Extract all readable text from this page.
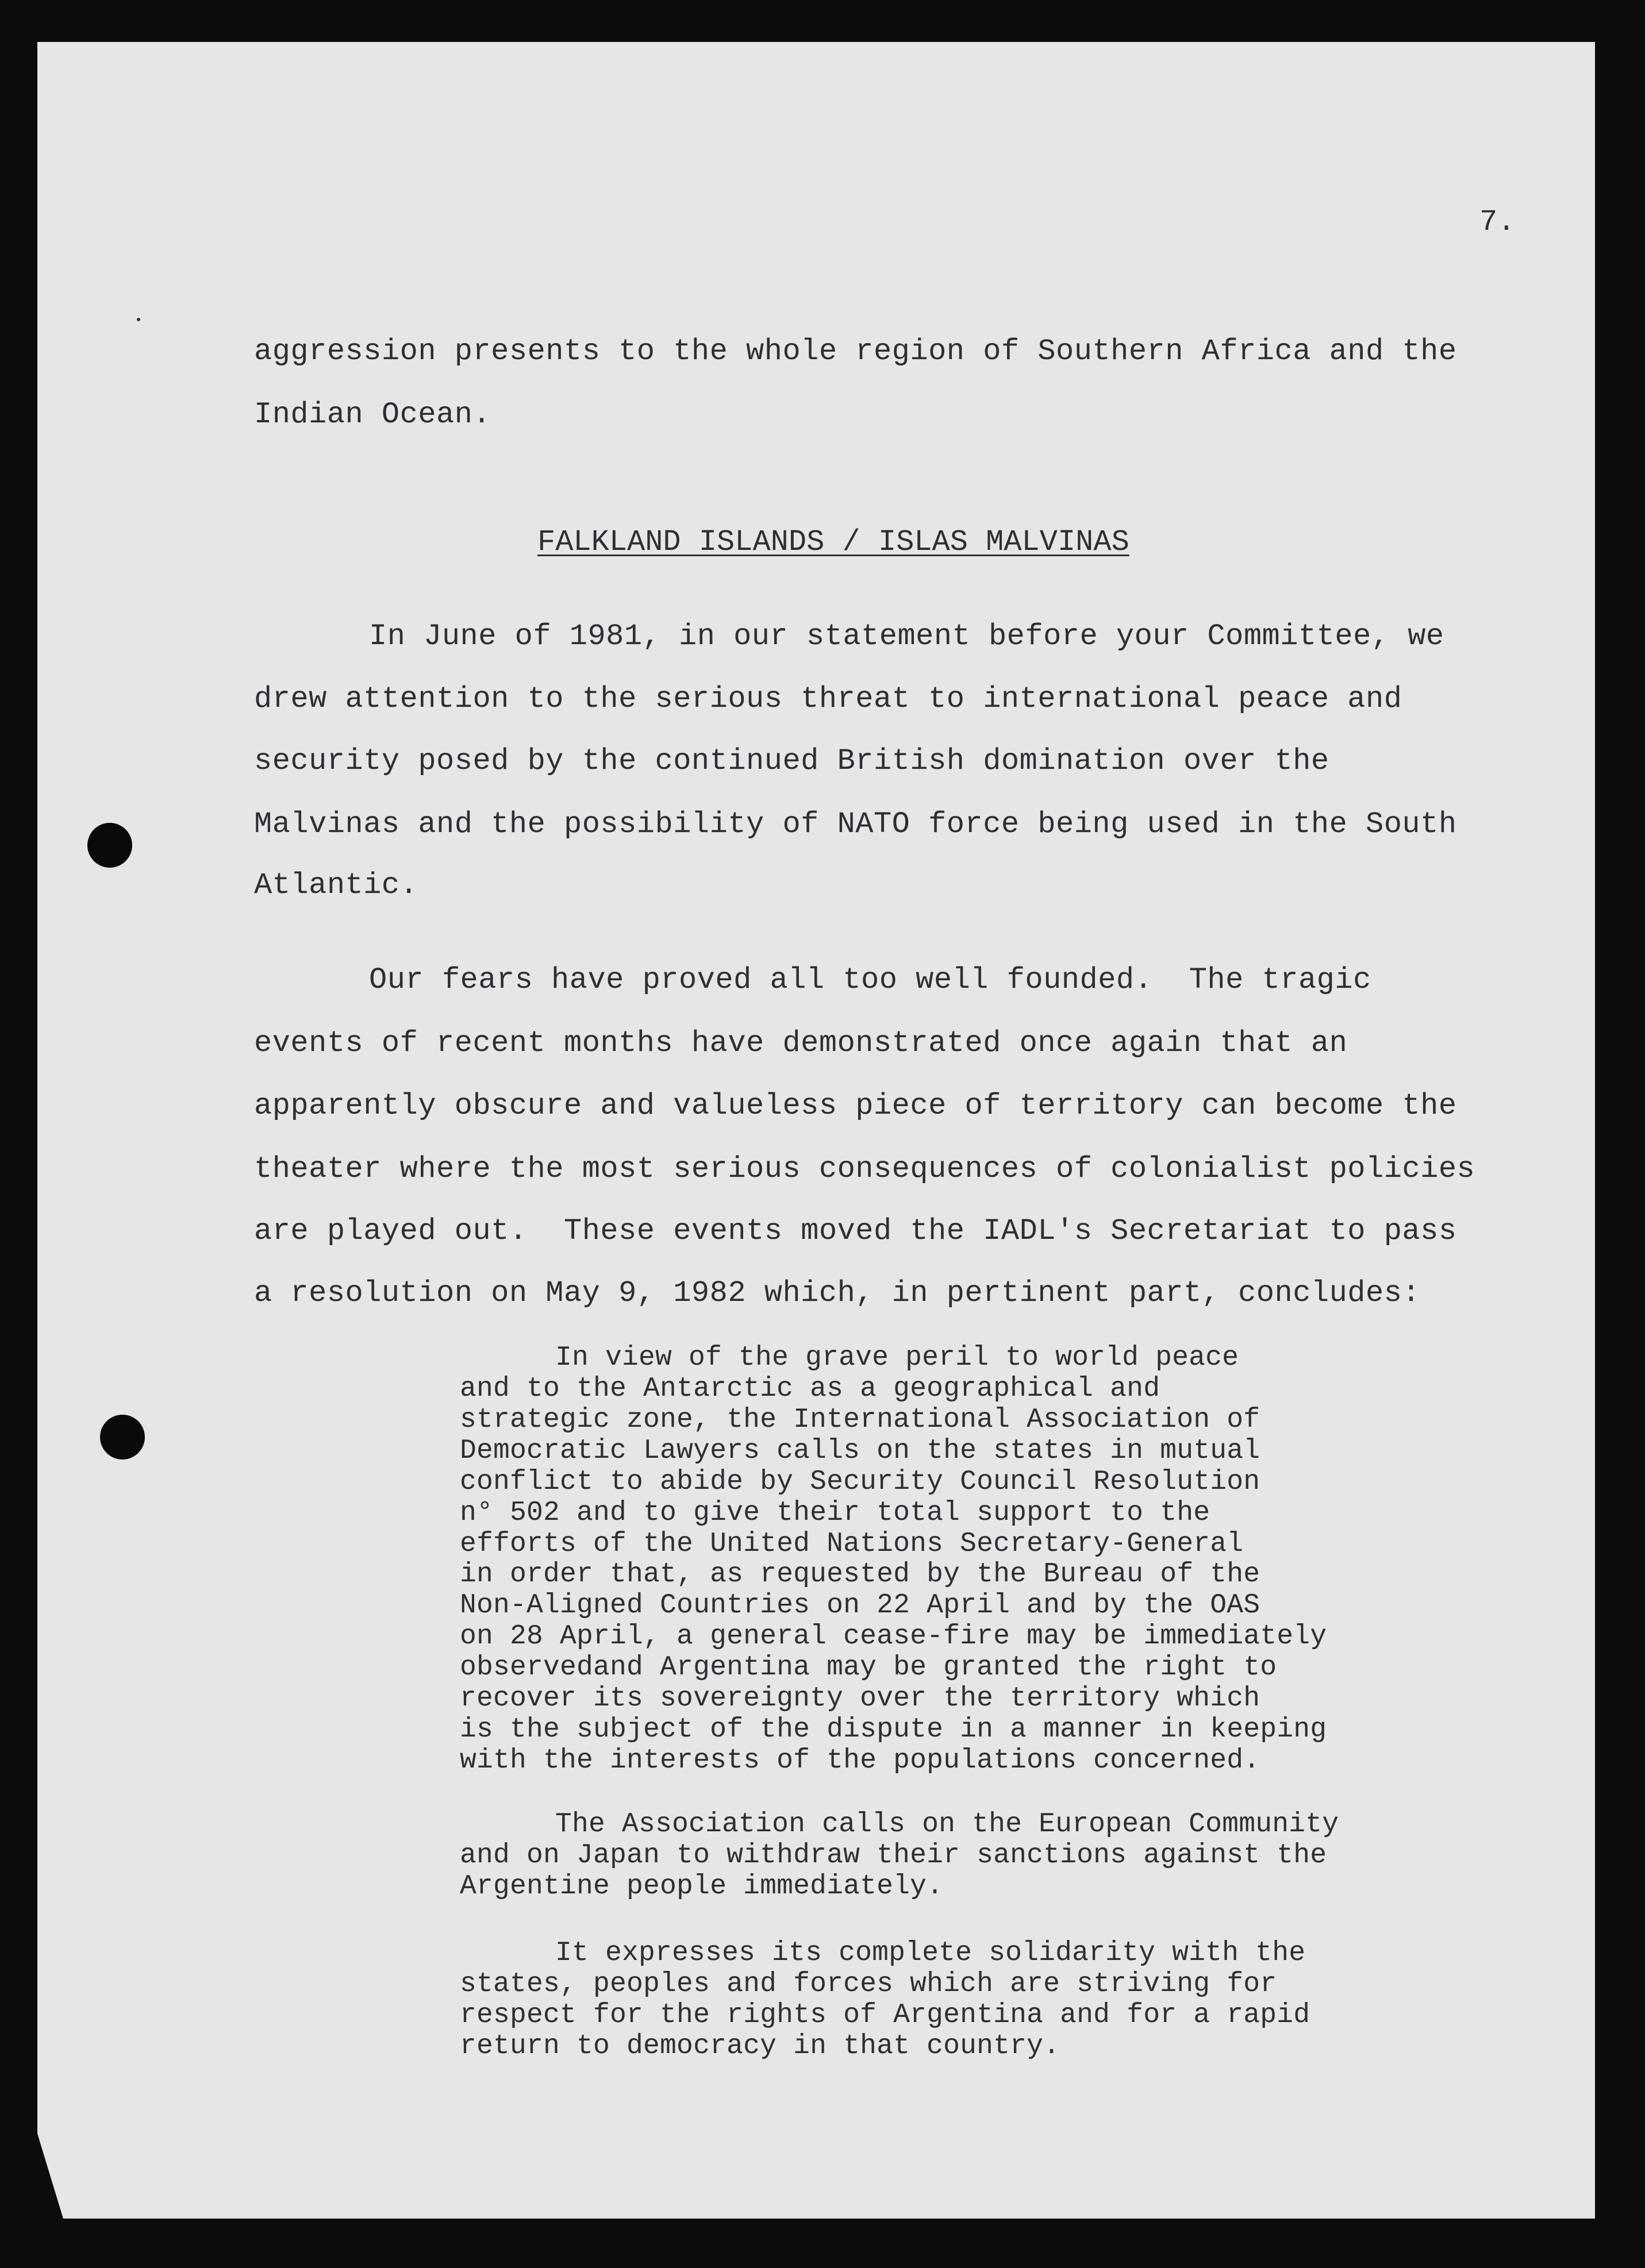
7.
aggression presents to the whole region of Southern Africa and the
Indian Ocean.
FALKLAND ISLANDS / ISLAS MALVINAS
In June of 1981, in our statement before your Committee, we
drew attention to the serious threat to international peace and
security posed by the continued British domination over the
Malvinas and the possibility of NATO force being used in the South
Atlantic.
Our fears have proved all too well founded.  The tragic
events of recent months have demonstrated once again that an
apparently obscure and valueless piece of territory can become the
theater where the most serious consequences of colonialist policies
are played out.  These events moved the IADL's Secretariat to pass
a resolution on May 9, 1982 which, in pertinent part, concludes:
In view of the grave peril to world peace
and to the Antarctic as a geographical and
strategic zone, the International Association of
Democratic Lawyers calls on the states in mutual
conflict to abide by Security Council Resolution
n° 502 and to give their total support to the
efforts of the United Nations Secretary-General
in order that, as requested by the Bureau of the
Non-Aligned Countries on 22 April and by the OAS
on 28 April, a general cease-fire may be immediately
observedand Argentina may be granted the right to
recover its sovereignty over the territory which
is the subject of the dispute in a manner in keeping
with the interests of the populations concerned.
The Association calls on the European Community
and on Japan to withdraw their sanctions against the
Argentine people immediately.
It expresses its complete solidarity with the
states, peoples and forces which are striving for
respect for the rights of Argentina and for a rapid
return to democracy in that country.
